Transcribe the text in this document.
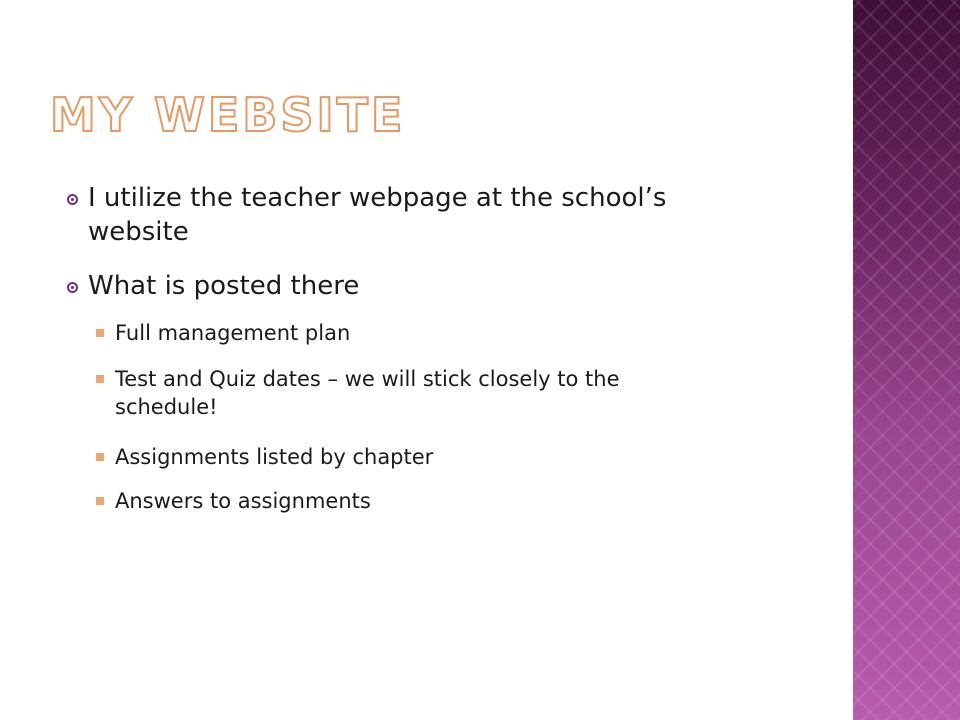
MY WEBSITE
I utilize the teacher webpage at the school’s
website
What is posted there
Full management plan
Test and Quiz dates – we will stick closely to the
schedule!
Assignments listed by chapter
Answers to assignments
